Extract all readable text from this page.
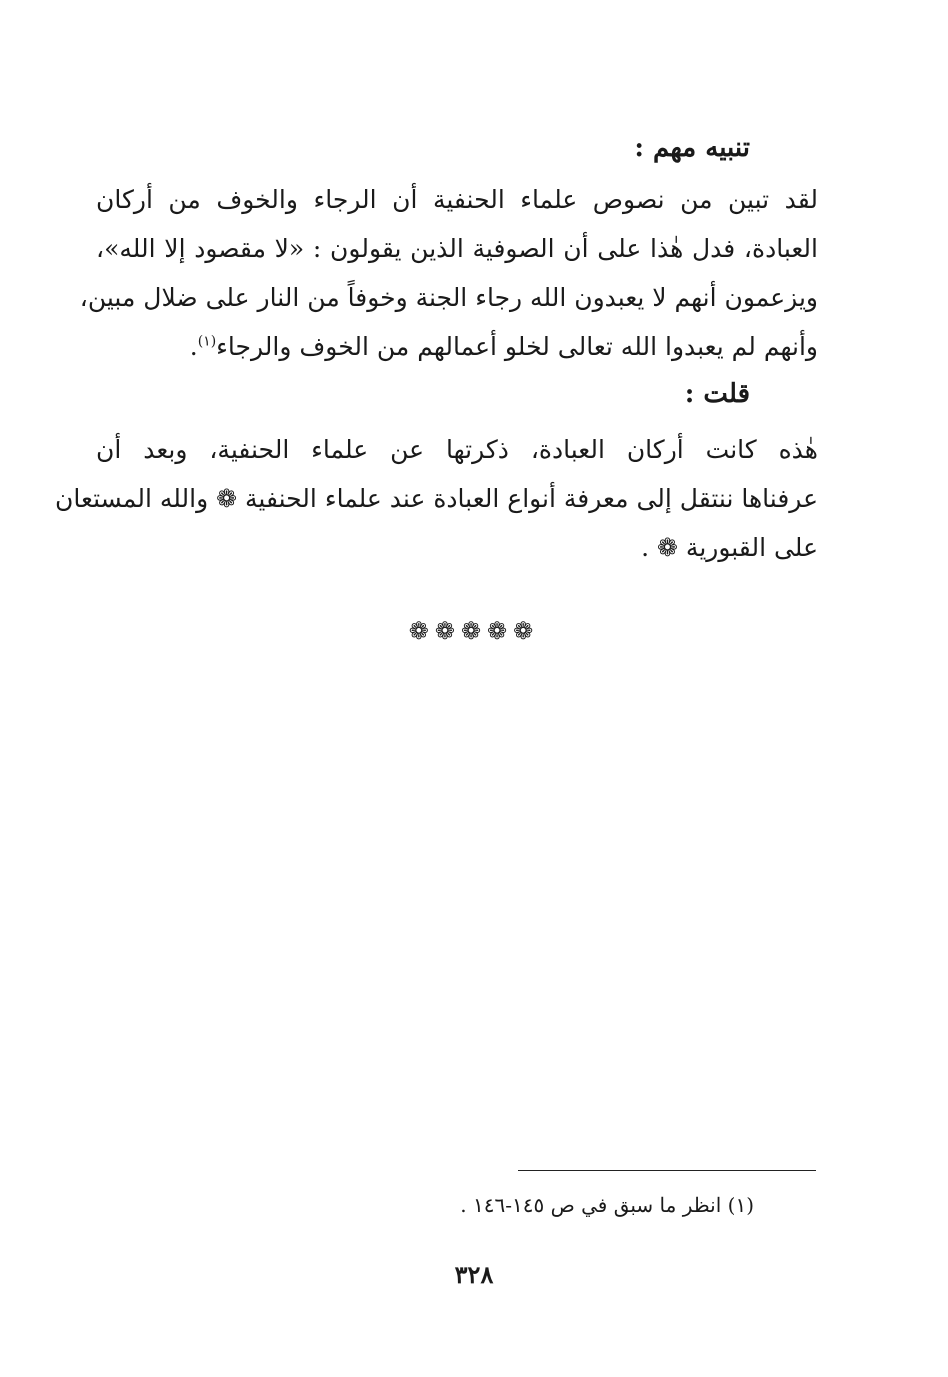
تنبيه مهم :
لقد تبين من نصوص علماء الحنفية أن الرجاء والخوف من أركان
العبادة، فدل هٰذا على أن الصوفية الذين يقولون : «لا مقصود إلا الله»،
ويزعمون أنهم لا يعبدون الله رجاء الجنة وخوفاً من النار على ضلال مبين،
وأنهم لم يعبدوا الله تعالى لخلو أعمالهم من الخوف والرجاء$^{(١)}$.
قلت :
هٰذه كانت أركان العبادة، ذكرتها عن علماء الحنفية، وبعد أن
عرفناها ننتقل إلى معرفة أنواع العبادة عند علماء الحنفية ❁ والله المستعان
على القبورية ❁ .
❁❁❁❁❁
(١) انظر ما سبق في ص ١٤٥-١٤٦ .
٣٢٨
